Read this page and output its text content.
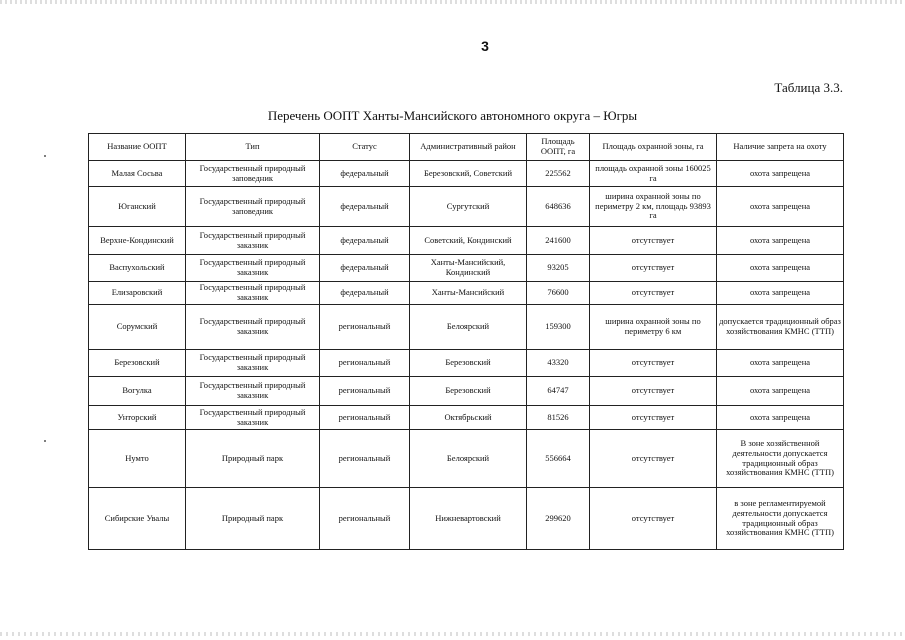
3
Таблица 3.3.
Перечень ООПТ Ханты-Мансийского автономного округа – Югры
Название ООПТ	Тип	Статус	Административный район	Площадь ООПТ, га	Площадь охранной зоны, га	Наличие запрета на охоту
Малая Сосьва	Государственный природный заповедник	федеральный	Березовский, Советский	225562	площадь охранной зоны 160025 га	охота запрещена
Юганский	Государственный природный заповедник	федеральный	Сургутский	648636	ширина охранной зоны по периметру 2 км, площадь 93893 га	охота запрещена
Верхне-Кондинский	Государственный природный заказник	федеральный	Советский, Кондинский	241600	отсутствует	охота запрещена
Васпухольский	Государственный природный заказник	федеральный	Ханты-Мансийский, Кондинский	93205	отсутствует	охота запрещена
Елизаровский	Государственный природный заказник	федеральный	Ханты-Мансийский	76600	отсутствует	охота запрещена
Сорумский	Государственный природный заказник	региональный	Белоярский	159300	ширина охранной зоны по периметру 6 км	допускается традиционный образ хозяйствования КМНС (ТТП)
Березовский	Государственный природный заказник	региональный	Березовский	43320	отсутствует	охота запрещена
Вогулка	Государственный природный заказник	региональный	Березовский	64747	отсутствует	охота запрещена
Унторский	Государственный природный заказник	региональный	Октябрьский	81526	отсутствует	охота запрещена
Нумто	Природный парк	региональный	Белоярский	556664	отсутствует	В зоне хозяйственной деятельности допускается традиционный образ хозяйствования КМНС (ТТП)
Сибирские Увалы	Природный парк	региональный	Нижневартовский	299620	отсутствует	в зоне регламентируемой деятельности допускается традиционный образ хозяйствования КМНС (ТТП)
